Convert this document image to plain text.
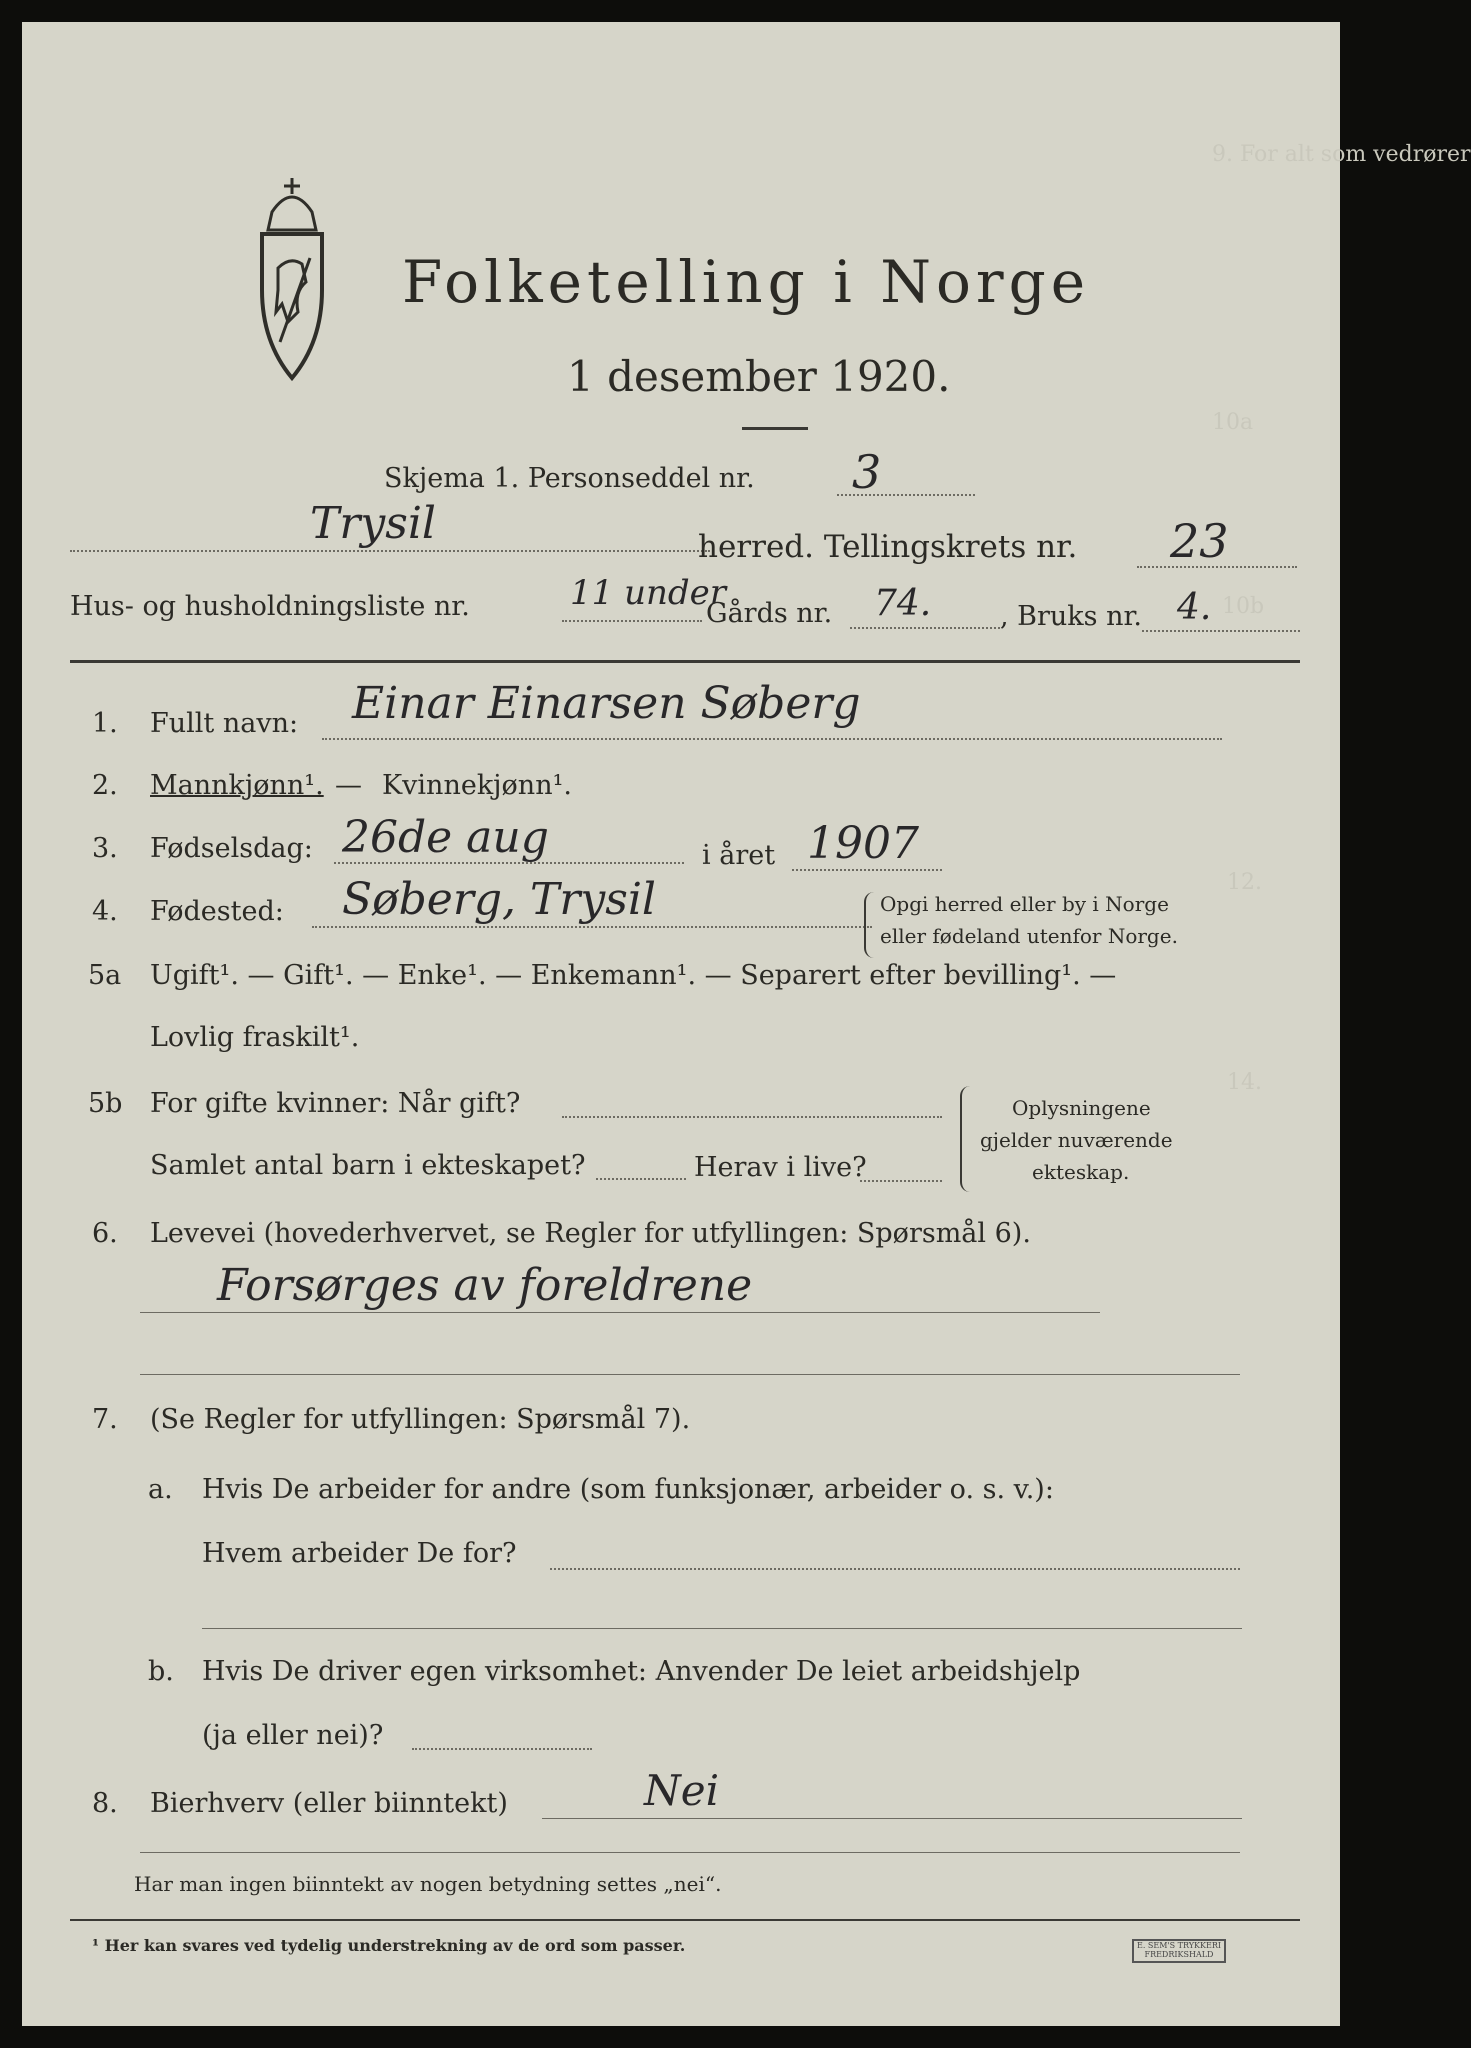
9. For alt som vedrører
10a
10b
12.
14.
Folketelling i Norge
1 desember 1920.
Skjema 1. Personseddel nr. 3
Trysil	herred. Tellingskrets nr. 23
Hus- og husholdningsliste nr.	11 under
Gårds nr. 74.	, Bruks nr. 4.
1. Fullt navn: Einar Einarsen Søberg
2. Mannkjønn¹. — Kvinnekjønn¹.
3. Fødselsdag: 26de aug	i året 1907
4. Fødested: Søberg, Trysil	Opgi herred eller by i Norge
eller fødeland utenfor Norge.
5a Ugift¹. — Gift¹. — Enke¹. — Enkemann¹. — Separert efter bevilling¹. —
Lovlig fraskilt¹.
5b For gifte kvinner: Når gift?
Samlet antal barn i ekteskapet?	Herav i live?
Oplysningene
gjelder nuværende
ekteskap.
6. Levevei (hovederhvervet, se Regler for utfyllingen: Spørsmål 6).
Forsørges av foreldrene
7. (Se Regler for utfyllingen: Spørsmål 7).
a. Hvis De arbeider for andre (som funksjonær, arbeider o. s. v.):
Hvem arbeider De for?
b. Hvis De driver egen virksomhet: Anvender De leiet arbeidshjelp
(ja eller nei)?
8. Bierhverv (eller biinntekt)	Nei
Har man ingen biinntekt av nogen betydning settes „nei“.
¹ Her kan svares ved tydelig understrekning av de ord som passer.	E. SEM'S TRYKKERI FREDRIKSHALD
